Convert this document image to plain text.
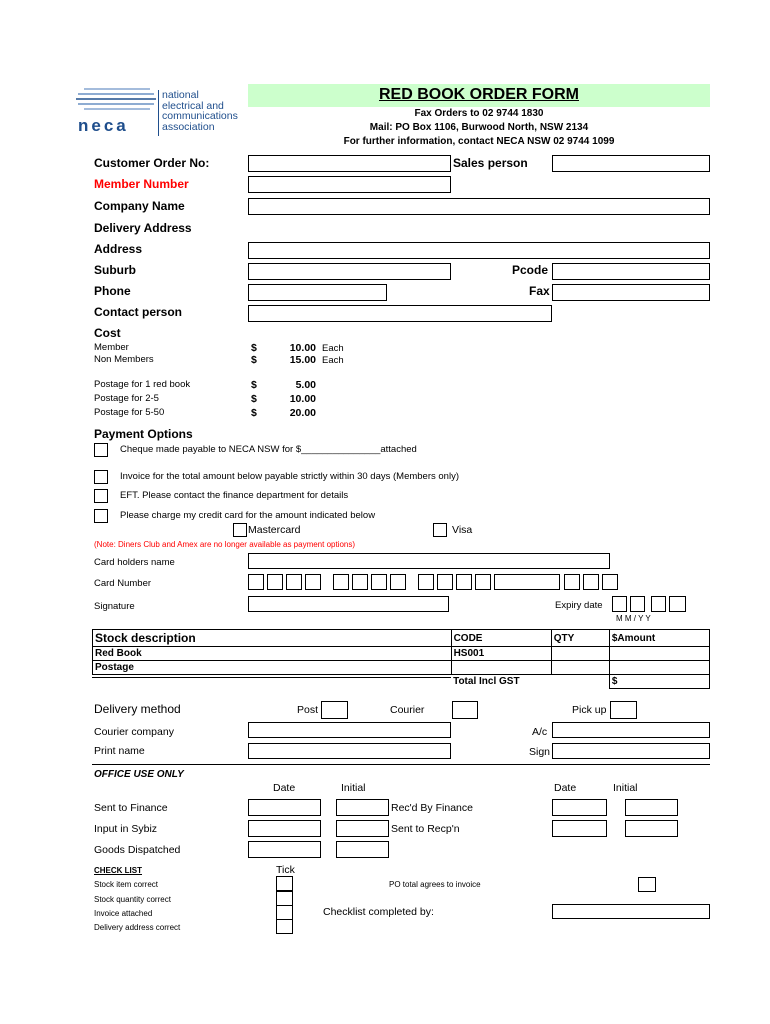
neca
national
electrical and
communications
association
RED BOOK ORDER FORM
Fax Orders to 02 9744 1830
Mail: PO Box 1106, Burwood North, NSW 2134
For further information, contact NECA NSW 02 9744 1099
Customer Order No:	Sales person
Member Number
Company Name
Delivery Address
Address
Suburb	Pcode
Phone	Fax
Contact person
Cost
Member	$	10.00 Each
Non Members	$	15.00 Each
Postage for 1 red book	$	5.00
Postage for 2-5	$	10.00
Postage for 5-50	$	20.00
Payment Options
Cheque made payable to NECA NSW for $_______________attached
Invoice for the total amount below payable strictly within 30 days (Members only)
EFT. Please contact the finance department for details
Please charge my credit card for the amount indicated below
Mastercard	Visa
(Note: Diners Club and Amex are no longer available as payment options)
Card holders name
Card Number
Signature	Expiry date
M M / Y Y
Stock description	CODE	QTY	$Amount
Red Book	HS001		
Postage			
	Total Incl GST		$
Delivery method	Post	Courier	Pick up
Courier company	A/c
Print name	Sign
OFFICE USE ONLY
Date	Initial	Date	Initial
Sent to Finance	Rec'd By Finance
Input in Sybiz	Sent to Recp'n
Goods Dispatched
CHECK LIST	Tick
Stock item correct
Stock quantity correct
Invoice attached
Delivery address correct
PO total agrees to invoice
Checklist completed by:
